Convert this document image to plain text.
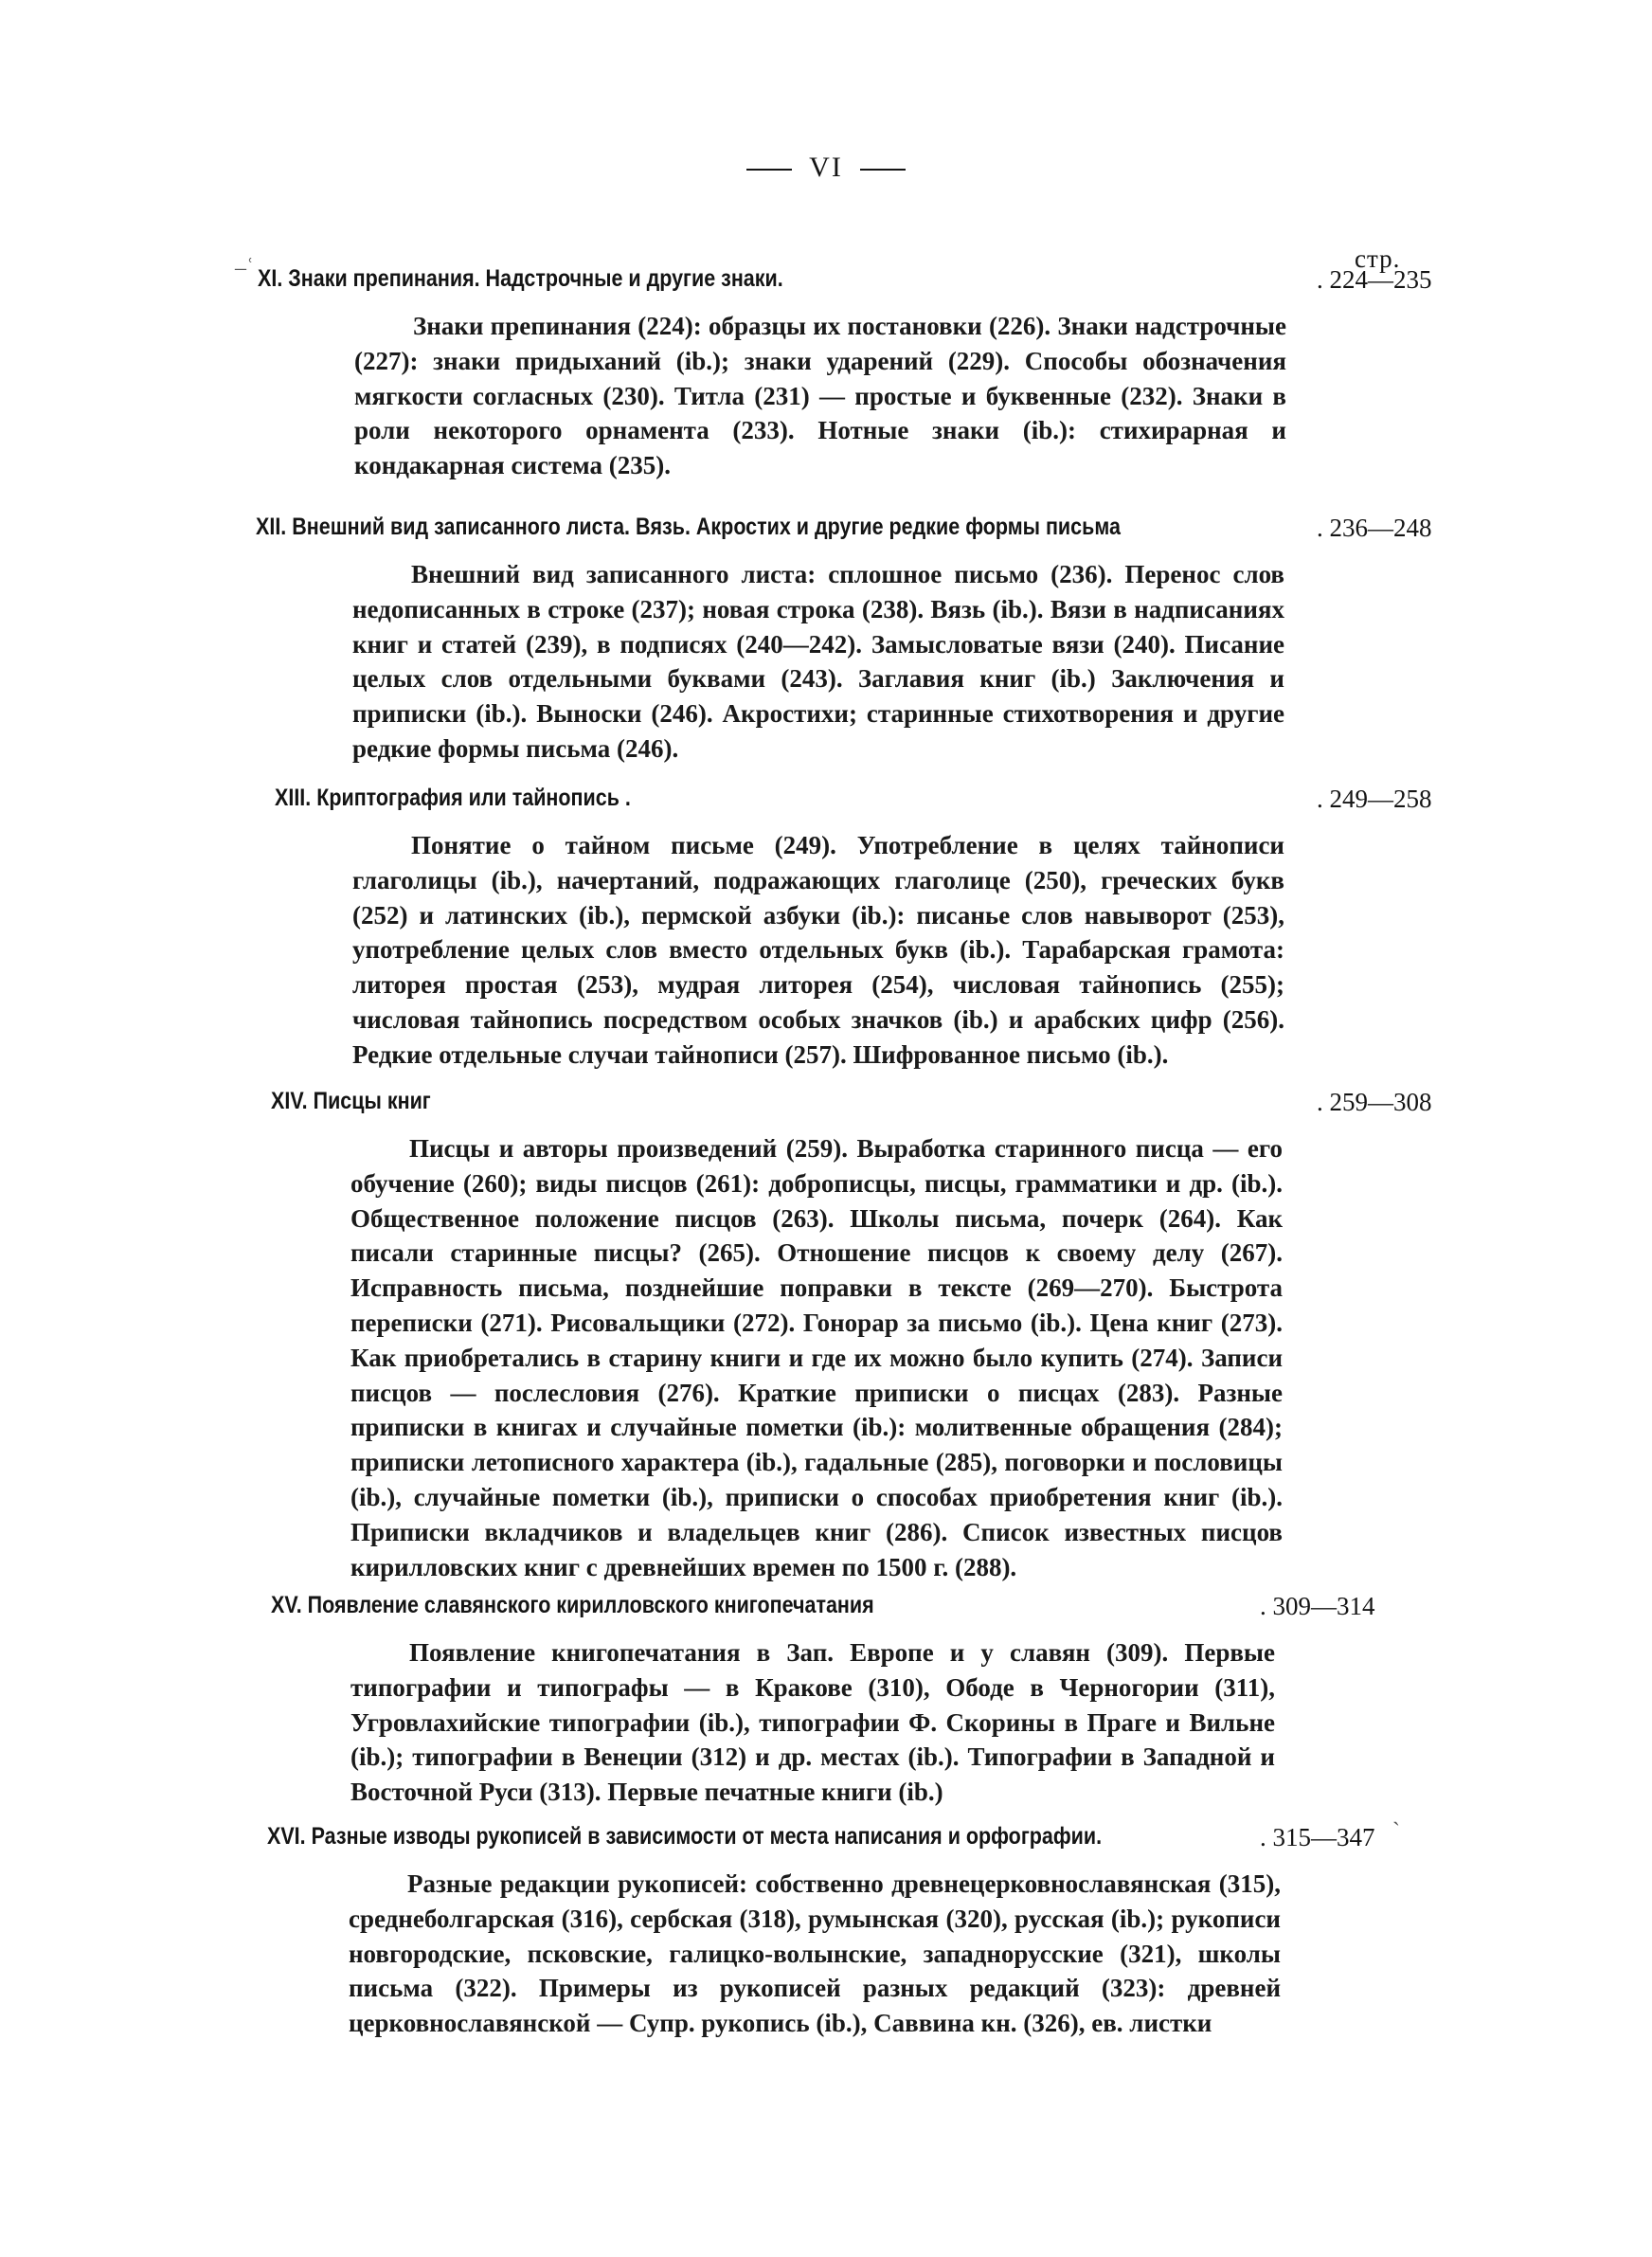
VI
стр.
–ʿ
ˋ
XI. Знаки препинания. Надстрочные и другие знаки.	. 224—235
Знаки препинания (224): образцы их постановки (226). Знаки надстрочные (227): знаки придыханий (ib.); знаки ударений (229). Способы обозначения мягкости согласных (230). Титла (231) — простые и буквенные (232). Знаки в роли некоторого орнамента (233). Нотные знаки (ib.): стихирарная и кондакарная система (235).
XII. Внешний вид записанного листа. Вязь. Акростих и другие редкие формы письма	. 236—248
Внешний вид записанного листа: сплошное письмо (236). Перенос слов недописанных в строке (237); новая строка (238). Вязь (ib.). Вязи в надписаниях книг и статей (239), в подписях (240—242). Замысловатые вязи (240). Писание целых слов отдельными буквами (243). Заглавия книг (ib.) Заключения и приписки (ib.). Выноски (246). Акростихи; старинные стихотворения и другие редкие формы письма (246).
XIII. Криптография или тайнопись .	. 249—258
Понятие о тайном письме (249). Употребление в целях тайнописи глаголицы (ib.), начертаний, подражающих глаголице (250), греческих букв (252) и латинских (ib.), пермской азбуки (ib.): писанье слов навыворот (253), употребление целых слов вместо отдельных букв (ib.). Тарабарская грамота: литорея простая (253), мудрая литорея (254), числовая тайнопись (255); числовая тайнопись посредством особых значков (ib.) и арабских цифр (256). Редкие отдельные случаи тайнописи (257). Шифрованное письмо (ib.).
XIV. Писцы книг	. 259—308
Писцы и авторы произведений (259). Выработка старинного писца — его обучение (260); виды писцов (261): доброписцы, писцы, грамматики и др. (ib.). Общественное положение писцов (263). Школы письма, почерк (264). Как писали старинные писцы? (265). Отношение писцов к своему делу (267). Исправность письма, позднейшие поправки в тексте (269—270). Быстрота переписки (271). Рисовальщики (272). Гонорар за письмо (ib.). Цена книг (273). Как приобретались в старину книги и где их можно было купить (274). Записи писцов — послесловия (276). Краткие приписки о писцах (283). Разные приписки в книгах и случайные пометки (ib.): молитвенные обращения (284); приписки летописного характера (ib.), гадальные (285), поговорки и пословицы (ib.), случайные пометки (ib.), приписки о способах приобретения книг (ib.). Приписки вкладчиков и владельцев книг (286). Список известных писцов кирилловских книг с древнейших времен по 1500 г. (288).
XV. Появление славянского кирилловского книгопечатания	. 309—314
Появление книгопечатания в Зап. Европе и у славян (309). Первые типографии и типографы — в Кракове (310), Ободе в Черногории (311), Угровлахийские типографии (ib.), типографии Ф. Скорины в Праге и Вильне (ib.); типографии в Венеции (312) и др. местах (ib.). Типографии в Западной и Восточной Руси (313). Первые печатные книги (ib.)
XVI. Разные изводы рукописей в зависимости от места написания и орфографии.	. 315—347
Разные редакции рукописей: собственно древнецерковнославянская (315), среднеболгарская (316), сербская (318), румынская (320), русская (ib.); рукописи новгородские, псковские, галицко-волынские, западнорусские (321), школы письма (322). Примеры из рукописей разных редакций (323): древней церковнославянской — Супр. рукопись (ib.), Саввина кн. (326), ев. листки
